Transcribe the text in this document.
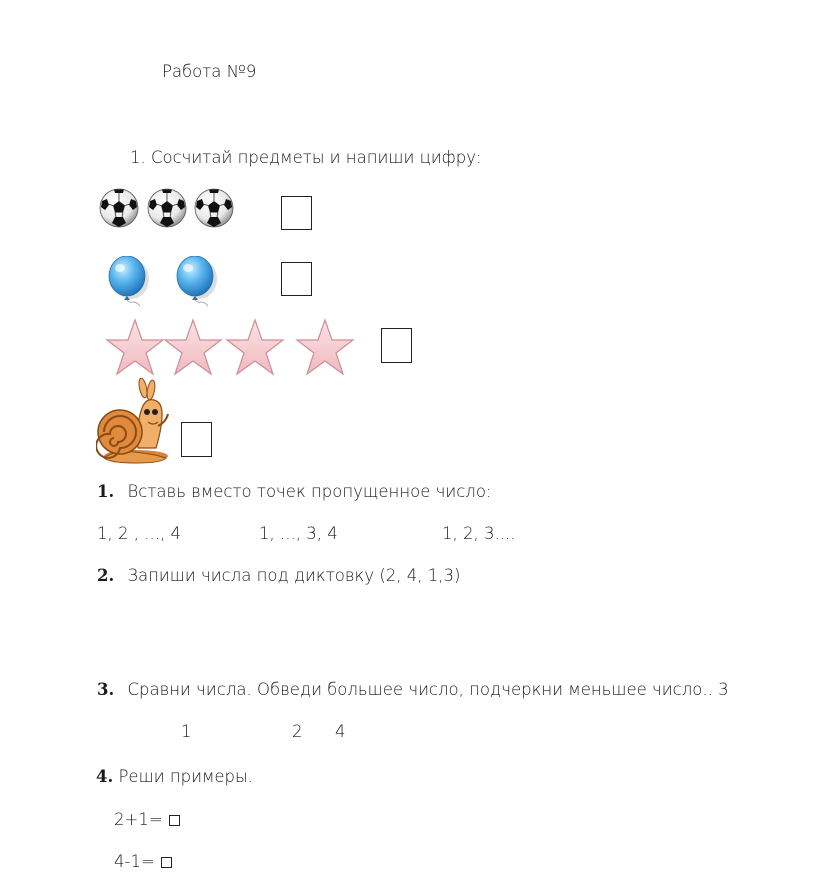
Работа №9
1. Сосчитай предметы и напиши цифру:
1. Вставь вместо точек пропущенное число:
1, 2 , ..., 4	1, ..., 3, 4	1, 2, 3....
2. Запиши числа под диктовку (2, 4, 1,3)
3. Сравни числа. Обведи большее число, подчеркни меньшее число.. 3
1	2 4
4. Реши примеры.
2+1=
4-1=
